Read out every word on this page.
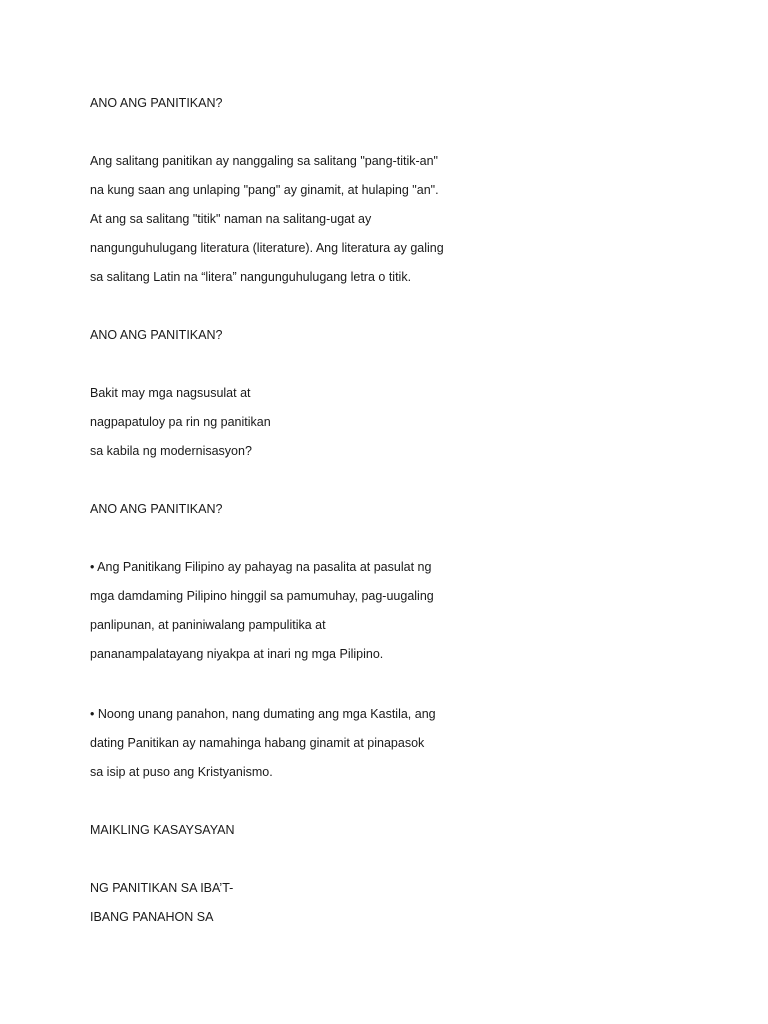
ANO ANG PANITIKAN?
Ang salitang panitikan ay nanggaling sa salitang "pang-titik-an"
na kung saan ang unlaping "pang" ay ginamit, at hulaping "an".
At ang sa salitang "titik" naman na salitang-ugat ay
nangunguhulugang literatura (literature). Ang literatura ay galing
sa salitang Latin na “litera” nangunguhulugang letra o titik.
ANO ANG PANITIKAN?
Bakit may mga nagsusulat at
nagpapatuloy pa rin ng panitikan
sa kabila ng modernisasyon?
ANO ANG PANITIKAN?
• Ang Panitikang Filipino ay pahayag na pasalita at pasulat ng
mga damdaming Pilipino hinggil sa pamumuhay, pag-uugaling
panlipunan, at paniniwalang pampulitika at
pananampalatayang niyakpa at inari ng mga Pilipino.
• Noong unang panahon, nang dumating ang mga Kastila, ang
dating Panitikan ay namahinga habang ginamit at pinapasok
sa isip at puso ang Kristyanismo.
MAIKLING KASAYSAYAN
NG PANITIKAN SA IBA’T-
IBANG PANAHON SA
